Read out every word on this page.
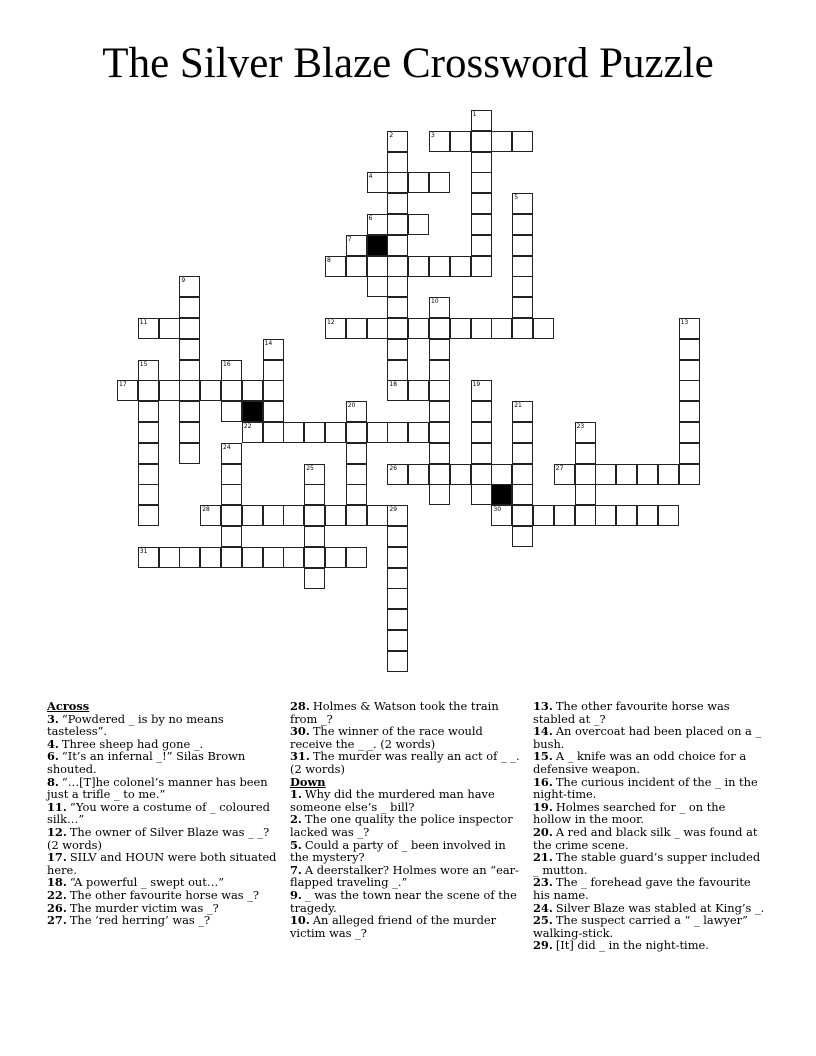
The Silver Blaze Crossword Puzzle
3
2
1
4
5
6
8
9
10
11	12	13
14
15	16
17	18	19
20	21
22	23
24
25	26	27
28	29	30
31
7
Across
3. “Powdered _ is by no means tasteless”.
4. Three sheep had gone _.
6. “It’s an infernal _!” Silas Brown shouted.
8. “…[T]he colonel’s manner has been just a trifle _ to me.”
11. “You wore a costume of _ coloured silk…”
12. The owner of Silver Blaze was _ _? (2 words)
17. SILV and HOUN were both situated here.
18. “A powerful _ swept out…”
22. The other favourite horse was _?
26. The murder victim was _?
27. The ‘red herring’ was _?
28. Holmes & Watson took the train from _?
30. The winner of the race would receive the _ _. (2 words)
31. The murder was really an act of _ _. (2 words)
Down
1. Why did the murdered man have someone else’s _ bill?
2. The one quality the police inspector lacked was _?
5. Could a party of _ been involved in the mystery?
7. A deerstalker? Holmes wore an “ear-flapped traveling _.”
9. _ was the town near the scene of the tragedy.
10. An alleged friend of the murder victim was _?
13. The other favourite horse was stabled at _?
14. An overcoat had been placed on a _ bush.
15. A _ knife was an odd choice for a defensive weapon.
16. The curious incident of the _ in the night-time.
19. Holmes searched for _ on the hollow in the moor.
20. A red and black silk _ was found at the crime scene.
21. The stable guard’s supper included _ mutton.
23. The _ forehead gave the favourite his name.
24. Silver Blaze was stabled at King’s _.
25. The suspect carried a “ _ lawyer” walking-stick.
29. [It] did _ in the night-time.
